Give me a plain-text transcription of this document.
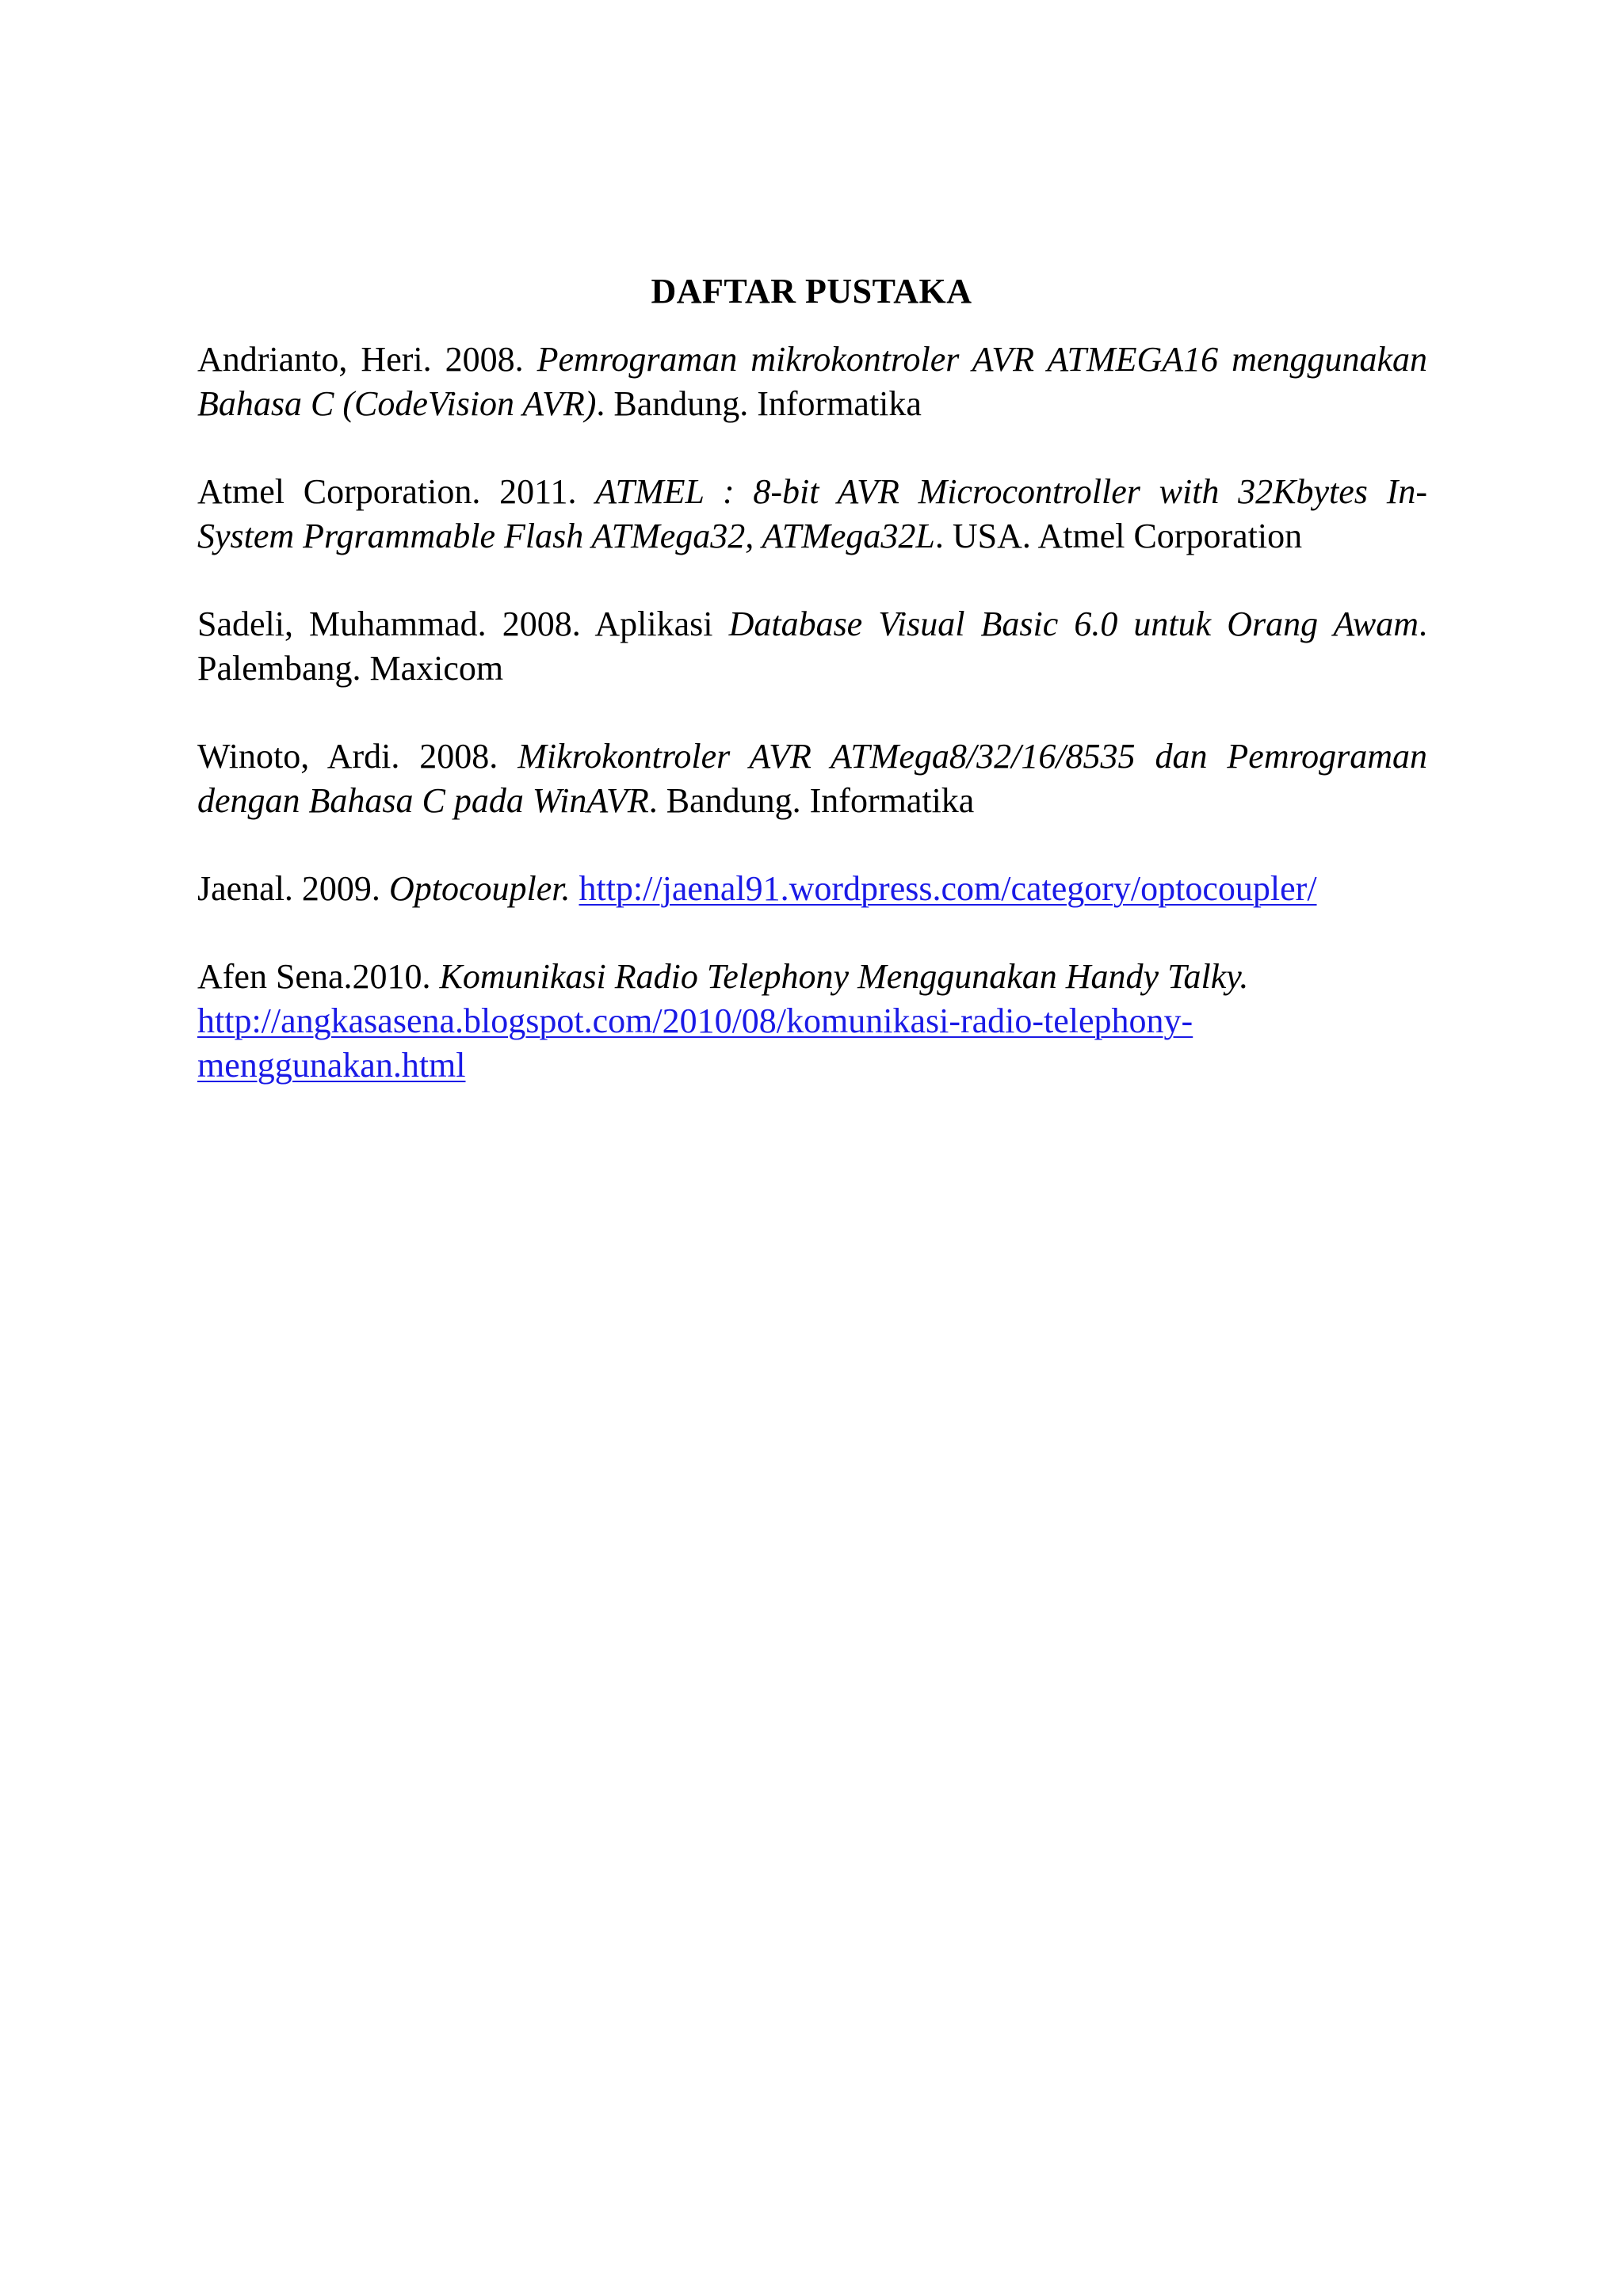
DAFTAR PUSTAKA

Andrianto, Heri. 2008. Pemrograman mikrokontroler AVR ATMEGA16 menggunakan Bahasa C (CodeVision AVR). Bandung. Informatika

Atmel Corporation. 2011. ATMEL : 8-bit AVR Microcontroller with 32Kbytes In- System Prgrammable Flash ATMega32, ATMega32L. USA. Atmel Corporation

Sadeli, Muhammad. 2008. Aplikasi Database Visual Basic 6.0 untuk Orang Awam. Palembang. Maxicom

Winoto, Ardi. 2008. Mikrokontroler AVR ATMega8/32/16/8535 dan Pemrograman dengan Bahasa C pada WinAVR. Bandung. Informatika

Jaenal. 2009. Optocoupler. http://jaenal91.wordpress.com/category/optocoupler/

Afen Sena.2010. Komunikasi Radio Telephony Menggunakan Handy Talky.
http://angkasasena.blogspot.com/2010/08/komunikasi-radio-telephony-
menggunakan.html
